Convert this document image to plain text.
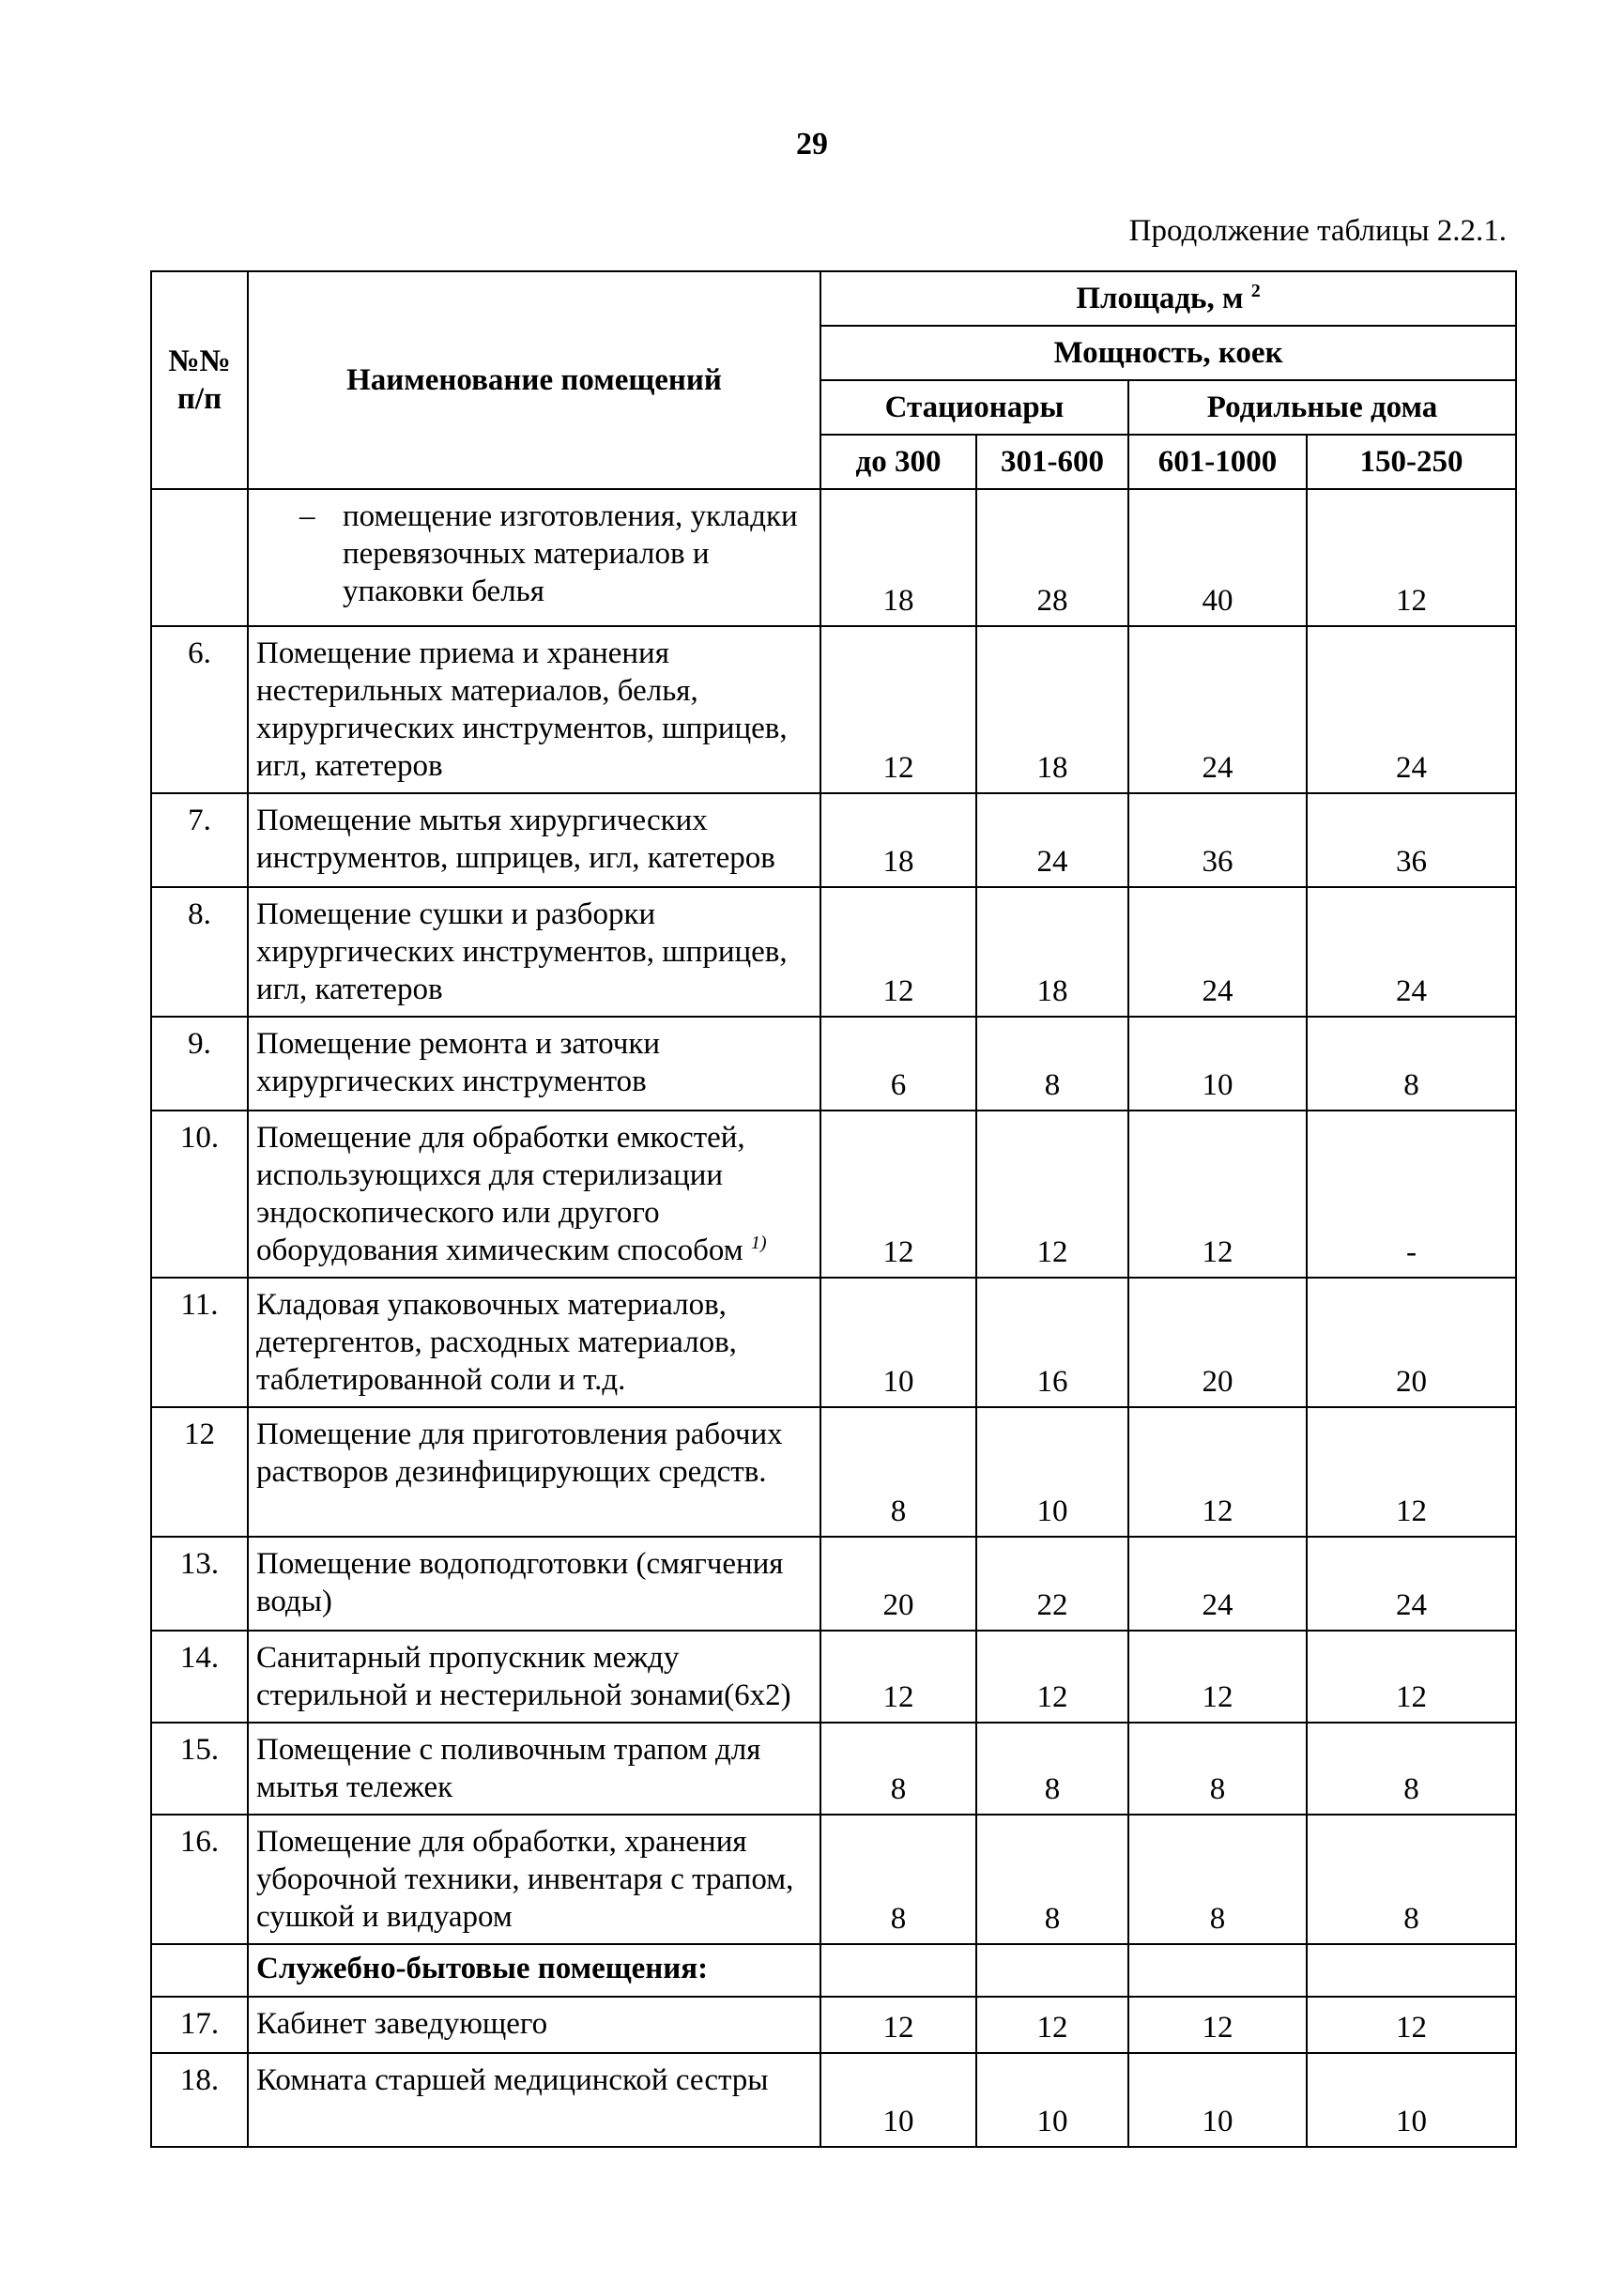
29
Продолжение таблицы 2.2.1.
№№ п/п	Наименование помещений	Площадь, м $^2$
		Мощность, коек			
		Стационары		Родильные дома	
		до 300	301-600	601-1000	150-250

	– помещение изготовления, укладки перевязочных материалов и упаковки белья	18	28	40	12
6.	Помещение приема и хранения нестерильных материалов, белья, хирургических инструментов, шприцев, игл, катетеров	12	18	24	24
7.	Помещение мытья хирургических инструментов, шприцев, игл, катетеров	18	24	36	36
8.	Помещение сушки и разборки хирургических инструментов, шприцев, игл, катетеров	12	18	24	24
9.	Помещение ремонта и заточки хирургических инструментов	6	8	10	8
10.	Помещение для обработки емкостей, использующихся для стерилизации эндоскопического или другого оборудования химическим способом $^{1)}$	12	12	12	-
11.	Кладовая упаковочных материалов, детергентов, расходных материалов, таблетированной соли и т.д.	10	16	20	20
12	Помещение для приготовления рабочих растворов дезинфицирующих средств.	8	10	12	12
13.	Помещение водоподготовки (смягчения воды)	20	22	24	24
14.	Санитарный пропускник между стерильной и нестерильной зонами(6х2)	12	12	12	12
15.	Помещение с поливочным трапом для мытья тележек	8	8	8	8
16.	Помещение для обработки, хранения уборочной техники, инвентаря с трапом, сушкой и видуаром	8	8	8	8
	Служебно-бытовые помещения:				
17.	Кабинет заведующего	12	12	12	12
18.	Комната старшей медицинской сестры	10	10	10	10
